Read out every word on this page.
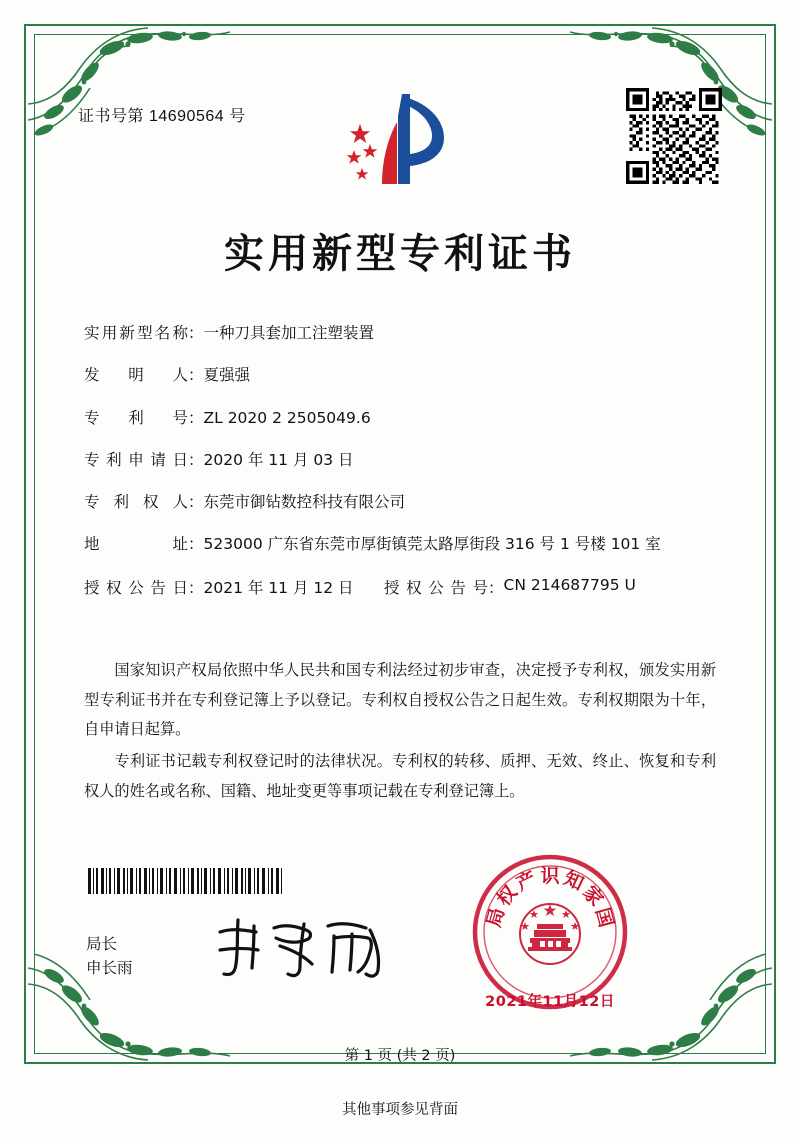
证书号第 14690564 号
实用新型专利证书
实用新型名称 ： 一种刀具套加工注塑装置
发明人 ： 夏强强
专利号 ： ZL 2020 2 2505049.6
专利申请日 ： 2020 年 11 月 03 日
专利权人 ： 东莞市御钻数控科技有限公司
地址 ： 523000 广东省东莞市厚街镇莞太路厚街段 316 号 1 号楼 101 室
授权公告日 ： 2021 年 11 月 12 日 授权公告号 ： CN 214687795 U

国家知识产权局依照中华人民共和国专利法经过初步审查，决定授予专利权，颁发实用新型专利证书并在专利登记簿上予以登记。专利权自授权公告之日起生效。专利权期限为十年，自申请日起算。

专利证书记载专利权登记时的法律状况。专利权的转移、质押、无效、终止、恢复和专利权人的姓名或名称、国籍、地址变更等事项记载在专利登记簿上。

局长
申长雨
局
权
产 识 知
家
国
2021年11月12日
第 1 页 (共 2 页)
其他事项参见背面
